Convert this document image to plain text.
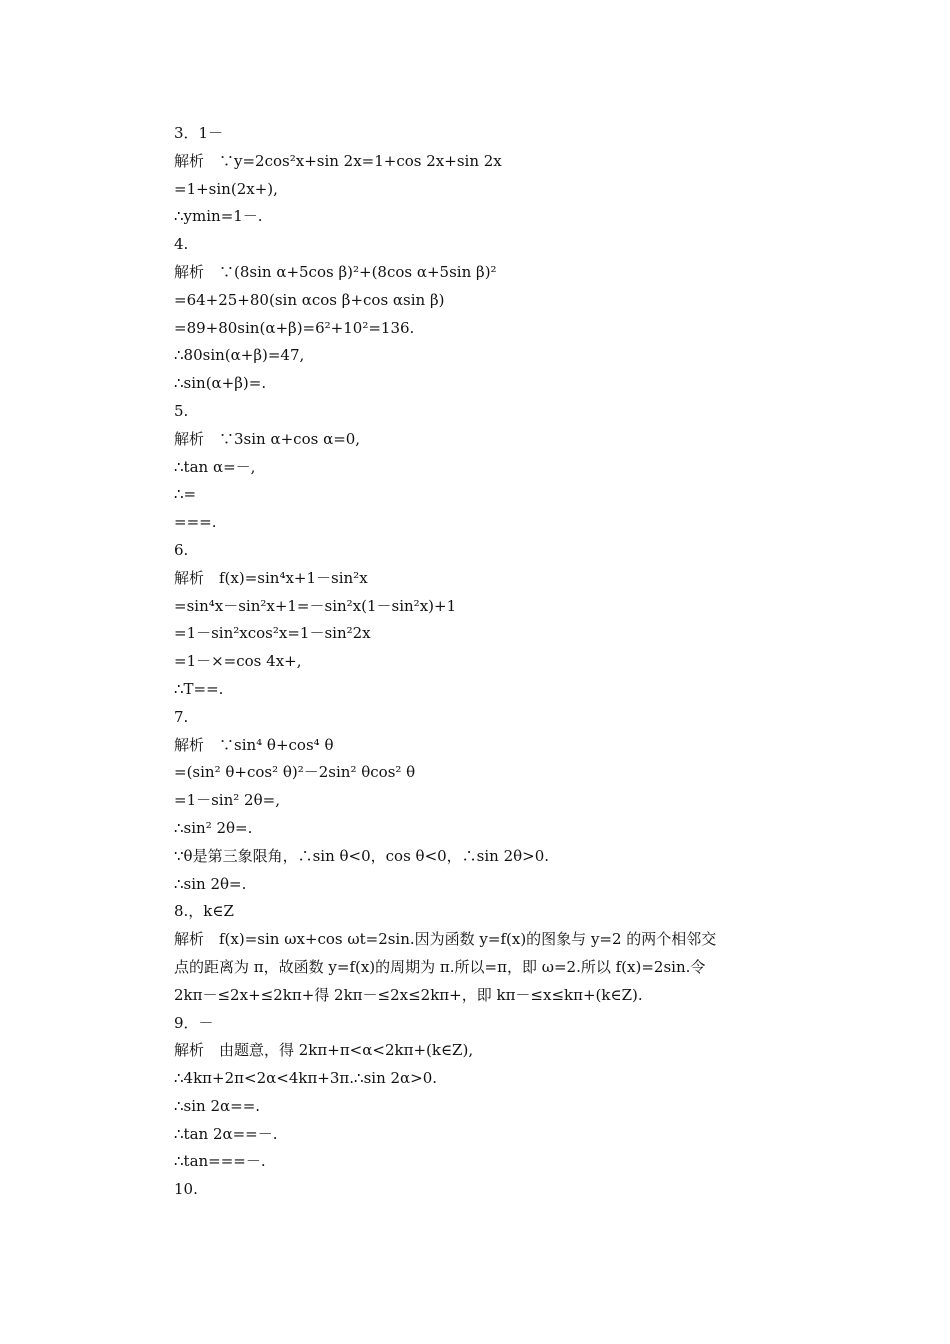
3．1－
解析　∵y=2cos²x+sin 2x=1+cos 2x+sin 2x
=1+sin(2x+),
∴ymin=1－.
4.
解析　∵(8sin α+5cos β)²+(8cos α+5sin β)²
=64+25+80(sin αcos β+cos αsin β)
=89+80sin(α+β)=6²+10²=136.
∴80sin(α+β)=47,
∴sin(α+β)=.
5.
解析　∵3sin α+cos α=0,
∴tan α=－,
∴=
===.
6.
解析　f(x)=sin⁴x+1－sin²x
=sin⁴x－sin²x+1=－sin²x(1－sin²x)+1
=1－sin²xcos²x=1－sin²2x
=1－×=cos 4x+,
∴T==.
7.
解析　∵sin⁴ θ+cos⁴ θ
=(sin² θ+cos² θ)²－2sin² θcos² θ
=1－sin² 2θ=,
∴sin² 2θ=.
∵θ是第三象限角，∴sin θ<0，cos θ<0，∴sin 2θ>0.
∴sin 2θ=.
8.，k∈Z
解析　f(x)=sin ωx+cos ωt=2sin.因为函数 y=f(x)的图象与 y=2 的两个相邻交
点的距离为 π，故函数 y=f(x)的周期为 π.所以=π，即 ω=2.所以 f(x)=2sin.令
2kπ－≤2x+≤2kπ+得 2kπ－≤2x≤2kπ+，即 kπ－≤x≤kπ+(k∈Z).
9．－
解析　由题意，得 2kπ+π<α<2kπ+(k∈Z),
∴4kπ+2π<2α<4kπ+3π.∴sin 2α>0.
∴sin 2α==.
∴tan 2α==－.
∴tan===－.
10.
